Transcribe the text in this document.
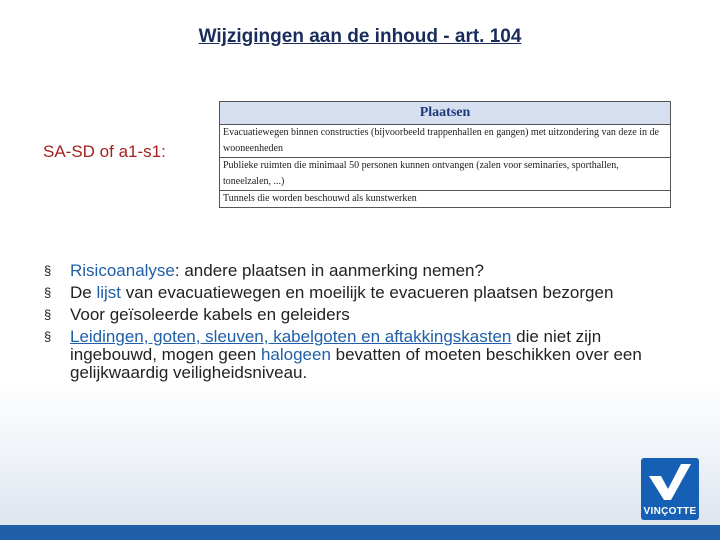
Wijzigingen aan de inhoud - art. 104
SA-SD of a1-s1:
Plaatsen
Evacuatiewegen binnen constructies (bijvoorbeeld trappenhallen en gangen) met uitzondering van deze in de wooneenheden
Publieke ruimten die minimaal 50 personen kunnen ontvangen (zalen voor seminaries, sporthallen, toneelzalen, ...)
Tunnels die worden beschouwd als kunstwerken
§ Risicoanalyse: andere plaatsen in aanmerking nemen?
§ De lijst van evacuatiewegen en moeilijk te evacueren plaatsen bezorgen
§ Voor geïsoleerde kabels en geleiders
§ Leidingen, goten, sleuven, kabelgoten en aftakkingskasten die niet zijn ingebouwd, mogen geen halogeen bevatten of moeten beschikken over een gelijkwaardig veiligheidsniveau.
VINÇOTTE
